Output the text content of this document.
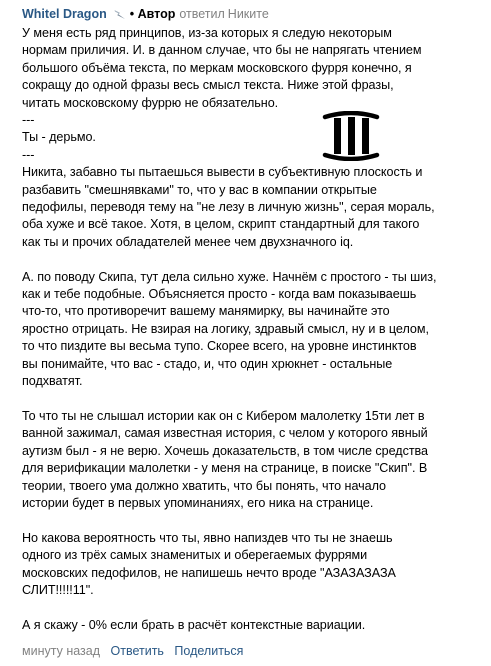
Whitel Dragon • Автор ответил Никите
У меня есть ряд принципов, из-за которых я следую некоторым
нормам приличия. И. в данном случае, что бы не напрягать чтением
большого объёма текста, по меркам московского фурря конечно, я
сокращу до одной фразы весь смысл текста. Ниже этой фразы,
читать московскому фуррю не обязательно.
---
Ты - дерьмо.
---
Никита, забавно ты пытаешься вывести в субъективную плоскость и
разбавить "смешнявками" то, что у вас в компании открытые
педофилы, переводя тему на "не лезу в личную жизнь", серая мораль,
оба хуже и всё такое. Хотя, в целом, скрипт стандартный для такого
как ты и прочих обладателей менее чем двухзначного iq.
А. по поводу Скипа, тут дела сильно хуже. Начнём с простого - ты шиз,
как и тебе подобные. Объясняется просто - когда вам показываешь
что-то, что противоречит вашему манямирку, вы начинайте это
яростно отрицать. Не взирая на логику, здравый смысл, ну и в целом,
то что пиздите вы весьма тупо. Скорее всего, на уровне инстинктов
вы понимайте, что вас - стадо, и, что один хрюкнет - остальные
подхватят.
То что ты не слышал истории как он с Кибером малолетку 15ти лет в
ванной зажимал, самая известная история, с челом у которого явный
аутизм был - я не верю. Хочешь доказательств, в том числе средства
для верификации малолетки - у меня на странице, в поиске "Скип". В
теории, твоего ума должно хватить, что бы понять, что начало
истории будет в первых упоминаниях, его ника на странице.
Но какова вероятность что ты, явно напиздев что ты не знаешь
одного из трёх самых знаменитых и оберегаемых фуррями
московских педофилов, не напишешь нечто вроде "АЗАЗАЗАЗА
СЛИТ!!!!!11".
А я скажу - 0% если брать в расчёт контекстные вариации.
минуту назад Ответить Поделиться
